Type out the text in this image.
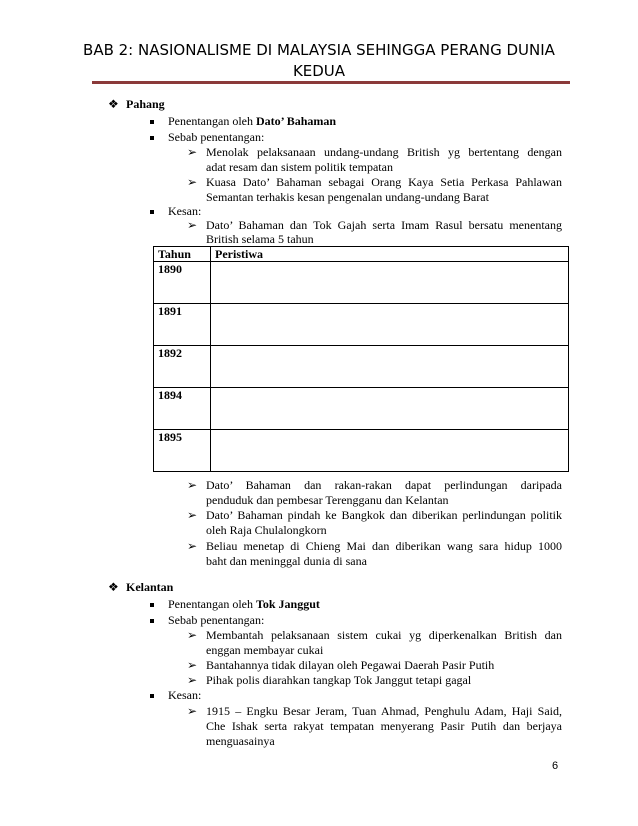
BAB 2: NASIONALISME DI MALAYSIA SEHINGGA PERANG DUNIA
KEDUA
❖ Pahang
Penentangan oleh Dato’ Bahaman
Sebab penentangan:
➢ Menolak pelaksanaan undang-undang British yg bertentang dengan
adat resam dan sistem politik tempatan
➢ Kuasa Dato’ Bahaman sebagai Orang Kaya Setia Perkasa Pahlawan
Semantan terhakis kesan pengenalan undang-undang Barat
Kesan:
➢ Dato’ Bahaman dan Tok Gajah serta Imam Rasul bersatu menentang
British selama 5 tahun
Tahun	Peristiwa
1890	
1891	
1892	
1894	
1895	
➢ Dato’ Bahaman dan rakan-rakan dapat perlindungan daripada
penduduk dan pembesar Terengganu dan Kelantan
➢ Dato’ Bahaman pindah ke Bangkok dan diberikan perlindungan politik
oleh Raja Chulalongkorn
➢ Beliau menetap di Chieng Mai dan diberikan wang sara hidup 1000
baht dan meninggal dunia di sana
❖ Kelantan
Penentangan oleh Tok Janggut
Sebab penentangan:
➢ Membantah pelaksanaan sistem cukai yg diperkenalkan British dan
enggan membayar cukai
➢ Bantahannya tidak dilayan oleh Pegawai Daerah Pasir Putih
➢ Pihak polis diarahkan tangkap Tok Janggut tetapi gagal
Kesan:
➢ 1915 – Engku Besar Jeram, Tuan Ahmad, Penghulu Adam, Haji Said,
Che Ishak serta rakyat tempatan menyerang Pasir Putih dan berjaya
menguasainya
6
